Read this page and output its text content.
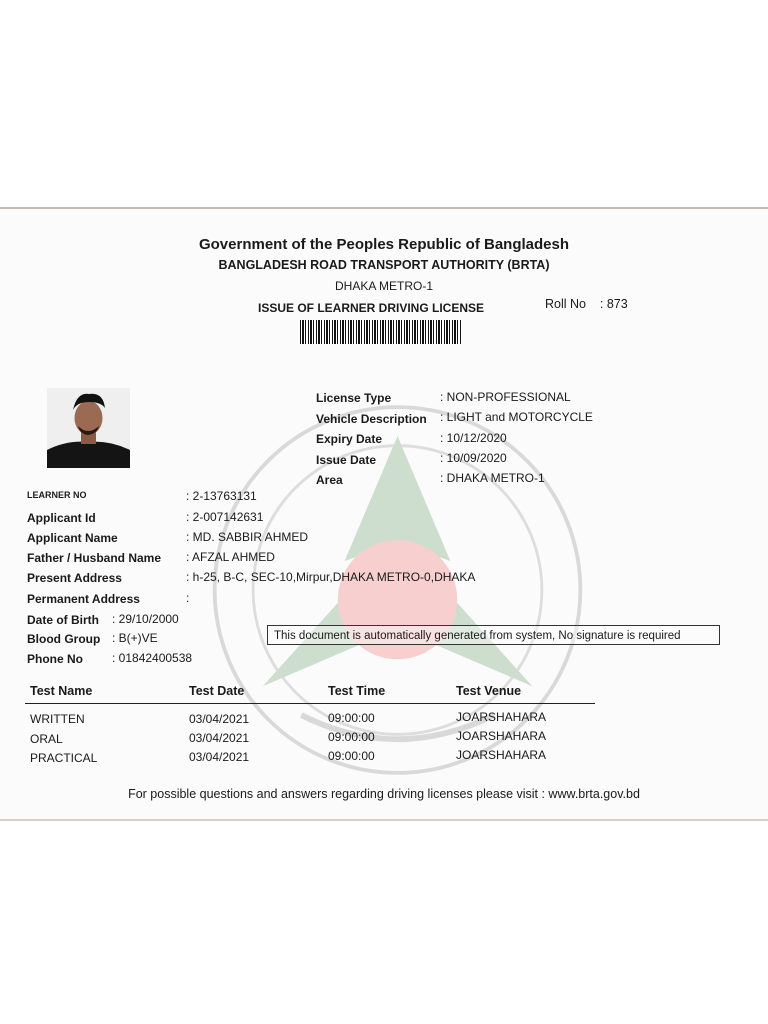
Government of the Peoples Republic of Bangladesh
BANGLADESH ROAD TRANSPORT AUTHORITY (BRTA)
DHAKA METRO-1
ISSUE OF LEARNER DRIVING LICENSE	Roll No : 873
License Type	: NON-PROFESSIONAL
Vehicle Description : LIGHT and MOTORCYCLE
Expiry Date	: 10/12/2020
Issue Date	: 10/09/2020
Area	: DHAKA METRO-1
LEARNER NO	: 2-13763131
Applicant Id	: 2-007142631
Applicant Name	: MD. SABBIR AHMED
Father / Husband Name : AFZAL AHMED
Present Address	: h-25, B-C, SEC-10,Mirpur,DHAKA METRO-0,DHAKA
Permanent Address	:
Date of Birth : 29/10/2000
Blood Group : B(+)VE
Phone No : 01842400538
This document is automatically generated from system, No signature is required
Test Name	Test Date	Test Time	Test Venue
WRITTEN	03/04/2021	09:00:00	JOARSHAHARA
ORAL	03/04/2021	09:00:00	JOARSHAHARA
PRACTICAL	03/04/2021	09:00:00	JOARSHAHARA
For possible questions and answers regarding driving licenses please visit : www.brta.gov.bd
